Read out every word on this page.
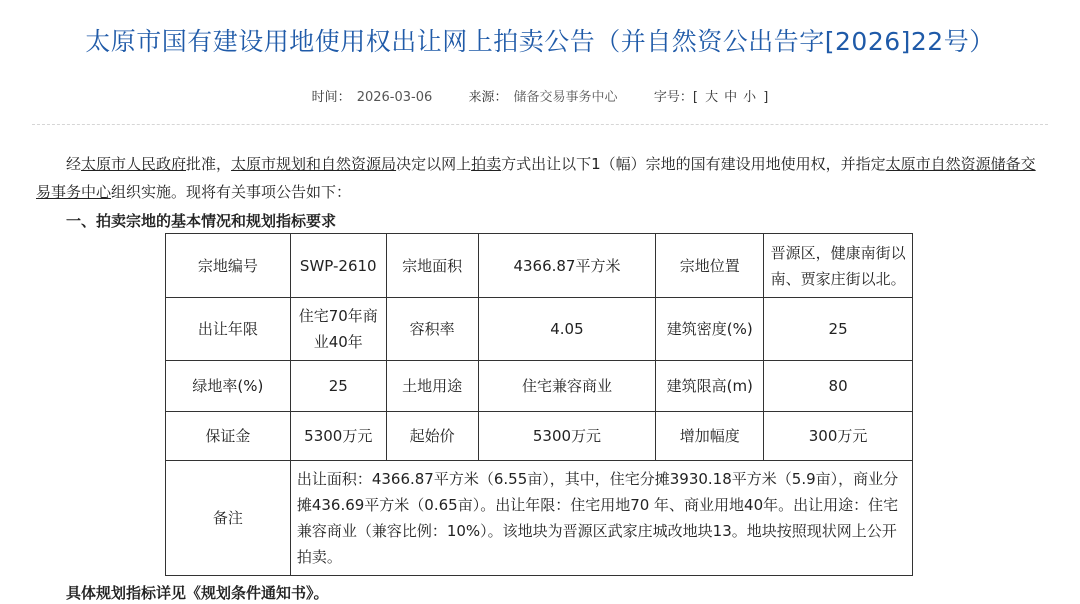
太原市国有建设用地使用权出让网上拍卖公告（并自然资公出告字[2026]22号）
时间： 2026-03-06	来源： 储备交易事务中心	字号：[ 大 中 小 ]
经太原市人民政府批准，太原市规划和自然资源局决定以网上拍卖方式出让以下1（幅）宗地的国有建设用地使用权，并指定太原市自然资源储备交易事务中心组织实施。现将有关事项公告如下：
一、拍卖宗地的基本情况和规划指标要求
宗地编号	SWP-2610	宗地面积	4366.87平方米	宗地位置	晋源区，健康南街以南、贾家庄街以北。
出让年限	住宅70年商业40年	容积率	4.05	建筑密度(%)	25
绿地率(%)	25	土地用途	住宅兼容商业	建筑限高(m)	80
保证金	5300万元	起始价	5300万元	增加幅度	300万元
备注	出让面积：4366.87平方米（6.55亩），其中，住宅分摊3930.18平方米（5.9亩），商业分摊436.69平方米（0.65亩）。出让年限：住宅用地70 年、商业用地40年。出让用途：住宅兼容商业（兼容比例：10%）。该地块为晋源区武家庄城改地块13。地块按照现状网上公开拍卖。				
具体规划指标详见《规划条件通知书》。
